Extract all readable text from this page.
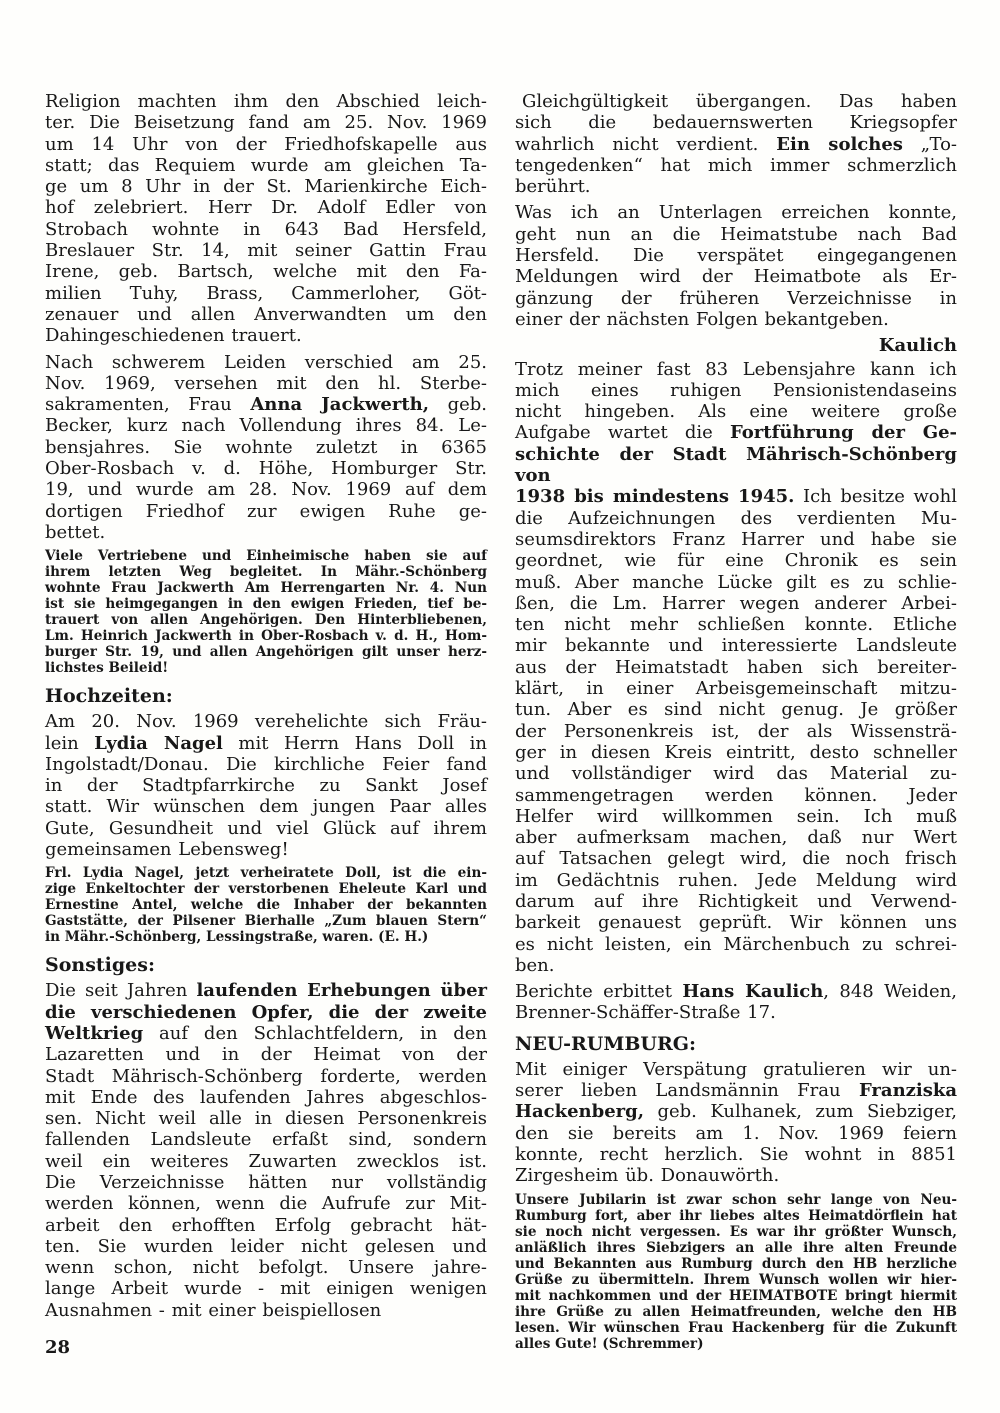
Religion machten ihm den Abschied leich-
ter. Die Beisetzung fand am 25. Nov. 1969
um 14 Uhr von der Friedhofskapelle aus
statt; das Requiem wurde am gleichen Ta-
ge um 8 Uhr in der St. Marienkirche Eich-
hof zelebriert. Herr Dr. Adolf Edler von
Strobach wohnte in 643 Bad Hersfeld,
Breslauer Str. 14, mit seiner Gattin Frau
Irene, geb. Bartsch, welche mit den Fa-
milien Tuhy, Brass, Cammerloher, Göt-
zenauer und allen Anverwandten um den
Dahingeschiedenen trauert.
Nach schwerem Leiden verschied am 25.
Nov. 1969, versehen mit den hl. Sterbe-
sakramenten, Frau Anna Jackwerth, geb.
Becker, kurz nach Vollendung ihres 84. Le-
bensjahres. Sie wohnte zuletzt in 6365
Ober-Rosbach v. d. Höhe, Homburger Str.
19, und wurde am 28. Nov. 1969 auf dem
dortigen Friedhof zur ewigen Ruhe ge-
bettet.
Viele Vertriebene und Einheimische haben sie auf
ihrem letzten Weg begleitet. In Mähr.-Schönberg
wohnte Frau Jackwerth Am Herrengarten Nr. 4. Nun
ist sie heimgegangen in den ewigen Frieden, tief be-
trauert von allen Angehörigen. Den Hinterbliebenen,
Lm. Heinrich Jackwerth in Ober-Rosbach v. d. H., Hom-
burger Str. 19, und allen Angehörigen gilt unser herz-
lichstes Beileid!
Hochzeiten:
Am 20. Nov. 1969 verehelichte sich Fräu-
lein Lydia Nagel mit Herrn Hans Doll in
Ingolstadt/Donau. Die kirchliche Feier fand
in der Stadtpfarrkirche zu Sankt Josef
statt. Wir wünschen dem jungen Paar alles
Gute, Gesundheit und viel Glück auf ihrem
gemeinsamen Lebensweg!
Frl. Lydia Nagel, jetzt verheiratete Doll, ist die ein-
zige Enkeltochter der verstorbenen Eheleute Karl und
Ernestine Antel, welche die Inhaber der bekannten
Gaststätte, der Pilsener Bierhalle „Zum blauen Stern“
in Mähr.-Schönberg, Lessingstraße, waren. (E. H.)
Sonstiges:
Die seit Jahren laufenden Erhebungen über
die verschiedenen Opfer, die der zweite
Weltkrieg auf den Schlachtfeldern, in den
Lazaretten und in der Heimat von der
Stadt Mährisch-Schönberg forderte, werden
mit Ende des laufenden Jahres abgeschlos-
sen. Nicht weil alle in diesen Personenkreis
fallenden Landsleute erfaßt sind, sondern
weil ein weiteres Zuwarten zwecklos ist.
Die Verzeichnisse hätten nur vollständig
werden können, wenn die Aufrufe zur Mit-
arbeit den erhofften Erfolg gebracht hät-
ten. Sie wurden leider nicht gelesen und
wenn schon, nicht befolgt. Unsere jahre-
lange Arbeit wurde - mit einigen wenigen
Ausnahmen - mit einer beispiellosen
28
Gleichgültigkeit übergangen. Das haben
sich die bedauernswerten Kriegsopfer
wahrlich nicht verdient. Ein solches „To-
tengedenken“ hat mich immer schmerzlich
berührt.
Was ich an Unterlagen erreichen konnte,
geht nun an die Heimatstube nach Bad
Hersfeld. Die verspätet eingegangenen
Meldungen wird der Heimatbote als Er-
gänzung der früheren Verzeichnisse in
einer der nächsten Folgen bekantgeben.
Kaulich
Trotz meiner fast 83 Lebensjahre kann ich
mich eines ruhigen Pensionistendaseins
nicht hingeben. Als eine weitere große
Aufgabe wartet die Fortführung der Ge-
schichte der Stadt Mährisch-Schönberg von
1938 bis mindestens 1945. Ich besitze wohl
die Aufzeichnungen des verdienten Mu-
seumsdirektors Franz Harrer und habe sie
geordnet, wie für eine Chronik es sein
muß. Aber manche Lücke gilt es zu schlie-
ßen, die Lm. Harrer wegen anderer Arbei-
ten nicht mehr schließen konnte. Etliche
mir bekannte und interessierte Landsleute
aus der Heimatstadt haben sich bereiter-
klärt, in einer Arbeisgemeinschaft mitzu-
tun. Aber es sind nicht genug. Je größer
der Personenkreis ist, der als Wissensträ-
ger in diesen Kreis eintritt, desto schneller
und vollständiger wird das Material zu-
sammengetragen werden können. Jeder
Helfer wird willkommen sein. Ich muß
aber aufmerksam machen, daß nur Wert
auf Tatsachen gelegt wird, die noch frisch
im Gedächtnis ruhen. Jede Meldung wird
darum auf ihre Richtigkeit und Verwend-
barkeit genauest geprüft. Wir können uns
es nicht leisten, ein Märchenbuch zu schrei-
ben.
Berichte erbittet Hans Kaulich, 848 Weiden,
Brenner-Schäffer-Straße 17.
NEU-RUMBURG:
Mit einiger Verspätung gratulieren wir un-
serer lieben Landsmännin Frau Franziska
Hackenberg, geb. Kulhanek, zum Siebziger,
den sie bereits am 1. Nov. 1969 feiern
konnte, recht herzlich. Sie wohnt in 8851
Zirgesheim üb. Donauwörth.
Unsere Jubilarin ist zwar schon sehr lange von Neu-
Rumburg fort, aber ihr liebes altes Heimatdörflein hat
sie noch nicht vergessen. Es war ihr größter Wunsch,
anläßlich ihres Siebzigers an alle ihre alten Freunde
und Bekannten aus Rumburg durch den HB herzliche
Grüße zu übermitteln. Ihrem Wunsch wollen wir hier-
mit nachkommen und der HEIMATBOTE bringt hiermit
ihre Grüße zu allen Heimatfreunden, welche den HB
lesen. Wir wünschen Frau Hackenberg für die Zukunft
alles Gute! (Schremmer)
